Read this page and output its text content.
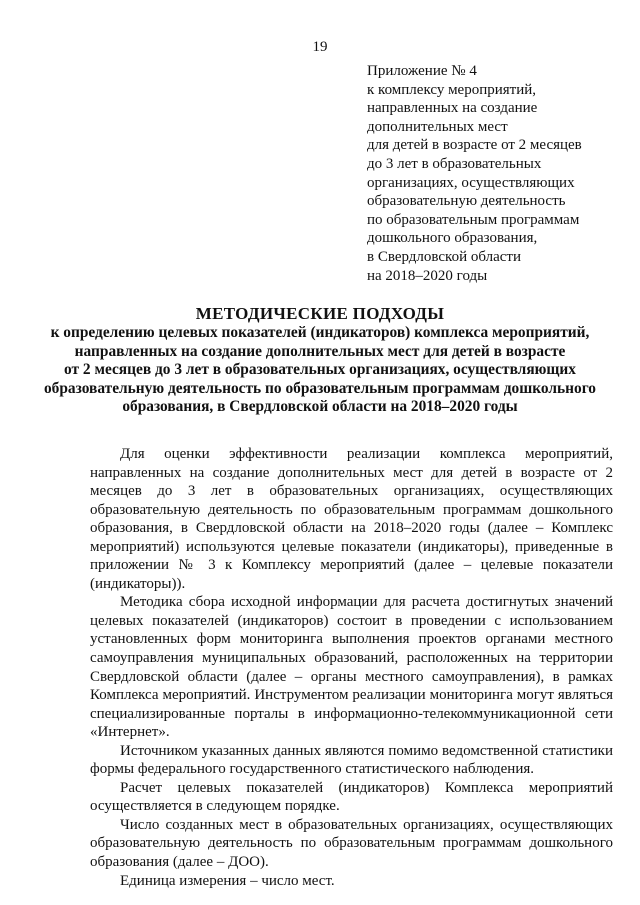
19
Приложение № 4
к комплексу мероприятий,
направленных на создание
дополнительных мест
для детей в возрасте от 2 месяцев
до 3 лет в образовательных
организациях, осуществляющих
образовательную деятельность
по образовательным программам
дошкольного образования,
в Свердловской области
на 2018–2020 годы
МЕТОДИЧЕСКИЕ ПОДХОДЫ
к определению целевых показателей (индикаторов) комплекса мероприятий,
направленных на создание дополнительных мест для детей в возрасте
от 2 месяцев до 3 лет в образовательных организациях, осуществляющих
образовательную деятельность по образовательным программам дошкольного
образования, в Свердловской области на 2018–2020 годы

Для оценки эффективности реализации комплекса мероприятий, направленных на создание дополнительных мест для детей в возрасте от 2 месяцев до 3 лет в образовательных организациях, осуществляющих образовательную деятельность по образовательным программам дошкольного образования, в Свердловской области на 2018–2020 годы (далее – Комплекс мероприятий) используются целевые показатели (индикаторы), приведенные в приложении № 3 к Комплексу мероприятий (далее – целевые показатели (индикаторы)).

Методика сбора исходной информации для расчета достигнутых значений целевых показателей (индикаторов) состоит в проведении с использованием установленных форм мониторинга выполнения проектов органами местного самоуправления муниципальных образований, расположенных на территории Свердловской области (далее – органы местного самоуправления), в рамках Комплекса мероприятий. Инструментом реализации мониторинга могут являться специализированные порталы в информационно-телекоммуникационной сети «Интернет».

Источником указанных данных являются помимо ведомственной статистики формы федерального государственного статистического наблюдения.

Расчет целевых показателей (индикаторов) Комплекса мероприятий осуществляется в следующем порядке.

Число созданных мест в образовательных организациях, осуществляющих образовательную деятельность по образовательным программам дошкольного образования (далее – ДОО).

Единица измерения – число мест.
